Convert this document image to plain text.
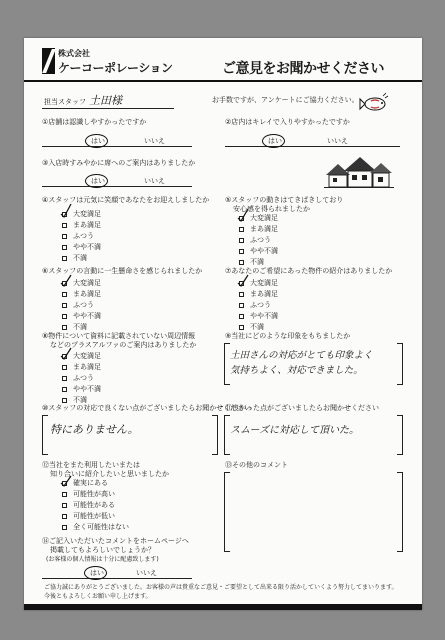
株式会社
ケーコーポレーション	ご意見をお聞かせください
担当スタッフ 土田様	お手数ですが、アンケートにご協力ください。
①店舗は認識しやすかったですか
はい	いいえ
②店内はキレイで入りやすかったですか
はい	いいえ
③入店時すみやかに席へのご案内はありましたか
はい	いいえ
④スタッフは元気に笑顔であなたをお迎えしましたか
大変満足
まあ満足
ふつう
やや不満
不満
⑤スタッフの動きはてきぱきしており
安心感を得られましたか
大変満足
まあ満足
ふつう
やや不満
不満
⑥スタッフの言動に一生懸命さを感じられましたか
大変満足
まあ満足
ふつう
やや不満
不満
⑦あなたのご希望にあった物件の紹介はありましたか
大変満足
まあ満足
ふつう
やや不満
不満
⑧物件について資料に記載されていない周辺情報
などのプラスアルファのご案内はありましたか
大変満足
まあ満足
ふつう
やや不満
不満
⑨当社にどのような印象をもちましたか
土田さんの対応がとても印象よく
気持ちよく、対応できました。
⑩スタッフの対応で良くない点がございましたらお聞かせください
特にありません。
⑪良かった点がございましたらお聞かせください
スムーズに対応して頂いた。
⑫当社をまた利用したいまたは
知り合いに紹介したいと思いましたか
確実にある
可能性が高い
可能性がある
可能性が低い
全く可能性はない
⑬その他のコメント
⑭ご記入いただいたコメントをホームページへ
掲載してもよろしいでしょうか？
(お客様の個人情報は十分に配慮致します)
はい	いいえ
ご協力誠にありがとうございました。お客様の声は貴重なご意見・ご要望として出来る限り活かしていくよう努力してまいります。
今後ともよろしくお願い申し上げます。
